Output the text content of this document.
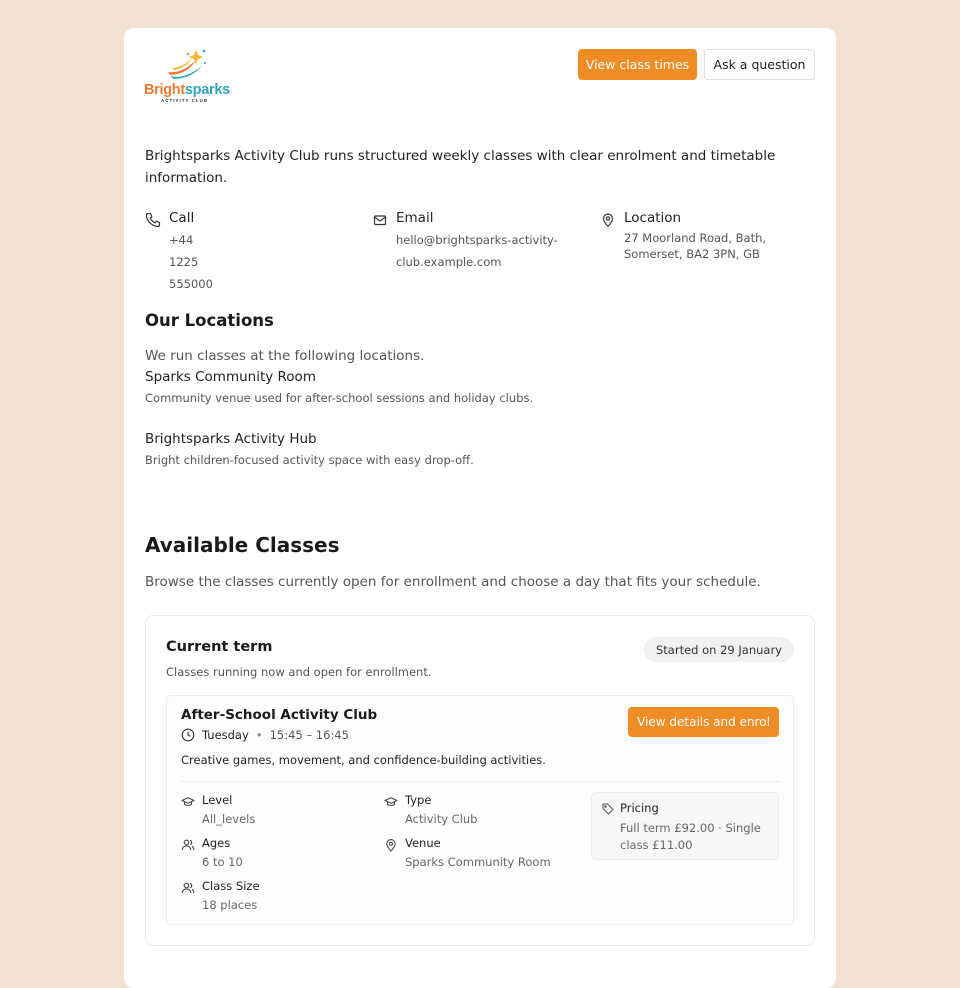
Brightsparks
ACTIVITY CLUB
View class times	Ask a question

Brightsparks Activity Club runs structured weekly classes with clear enrolment and timetable information.

Call
+44 1225 555000
Email
hello@brightsparks-activity-club.example.com
Location
27 Moorland Road, Bath, Somerset, BA2 3PN, GB
Our Locations

We run classes at the following locations.

Sparks Community Room
Community venue used for after-school sessions and holiday clubs.
Brightsparks Activity Hub
Bright children-focused activity space with easy drop-off.
Available Classes

Browse the classes currently open for enrollment and choose a day that fits your schedule.

Current term
Classes running now and open for enrollment.
Started on 29 January
After-School Activity Club
Tuesday • 15:45 – 16:45
View details and enrol
Creative games, movement, and confidence-building activities.
Level
All_levels
Ages
6 to 10
Class Size
18 places
Type
Activity Club
Venue
Sparks Community Room
Pricing
Full term £92.00 · Single class £11.00
